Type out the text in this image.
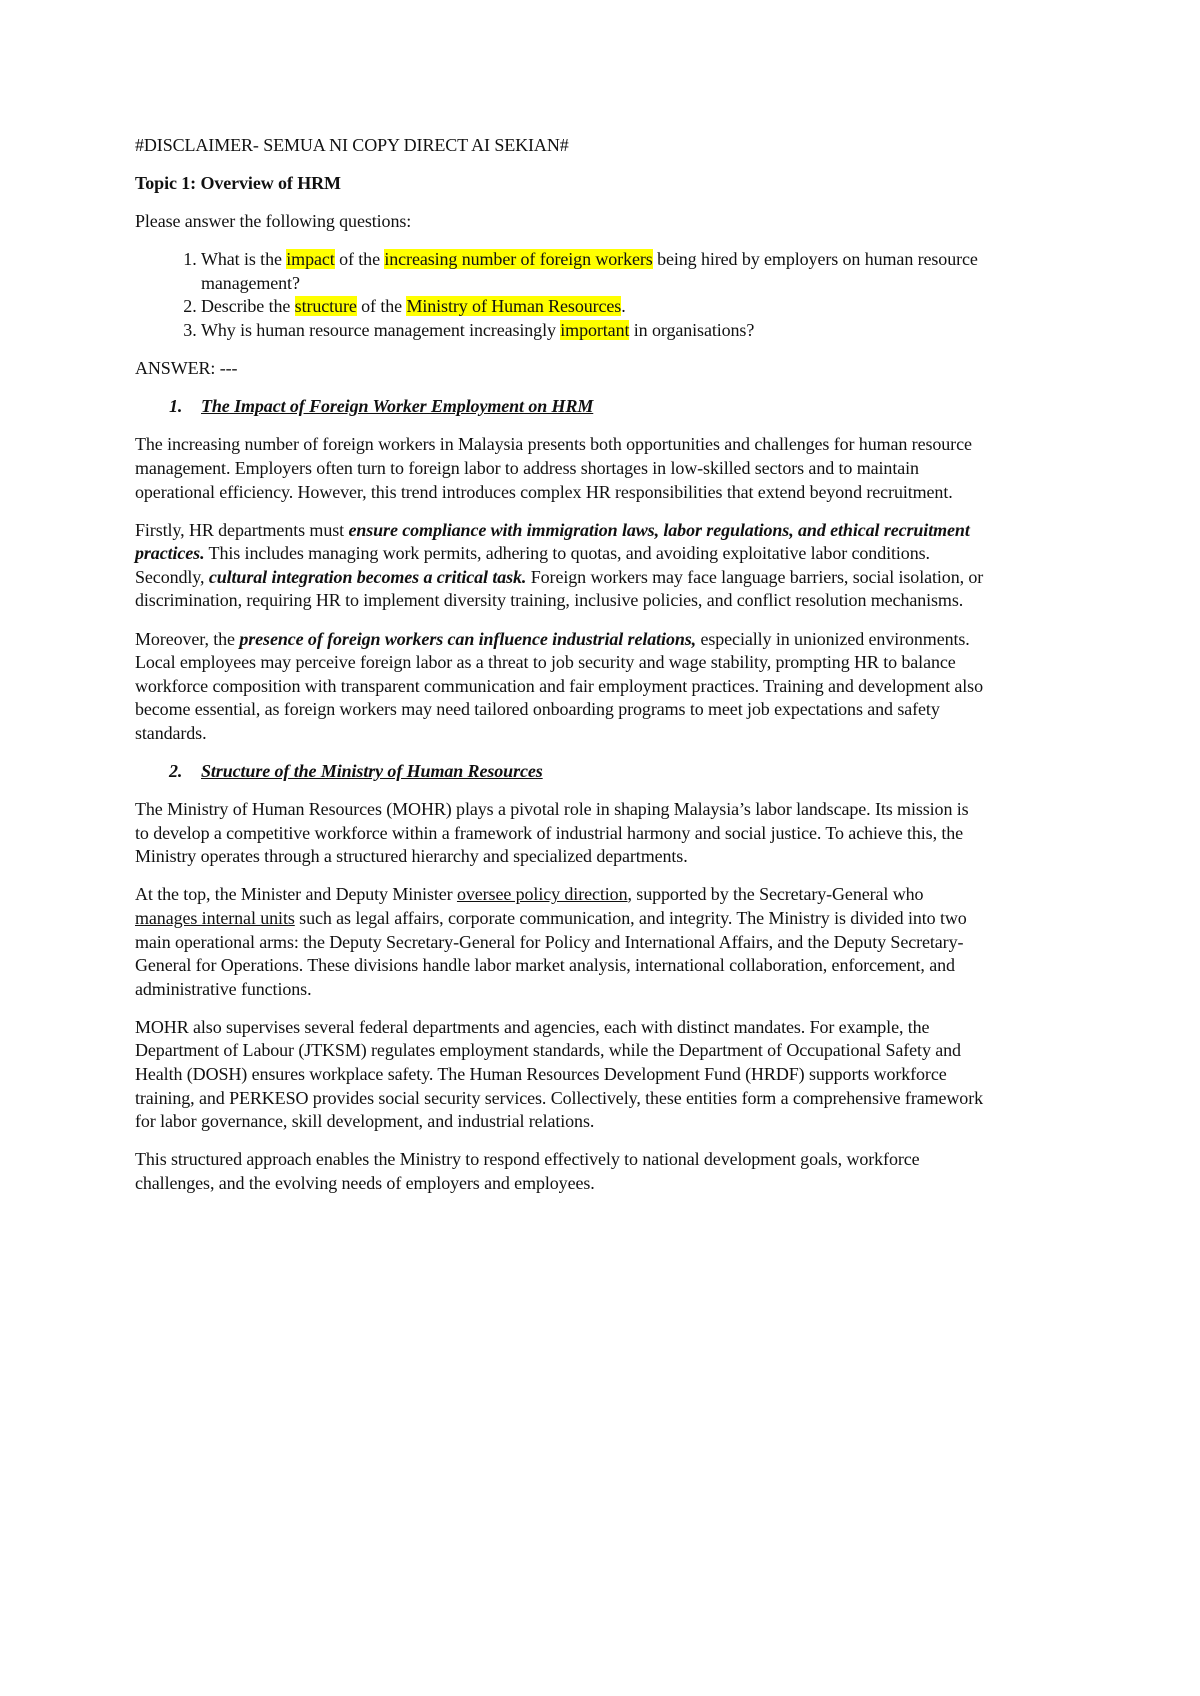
#DISCLAIMER- SEMUA NI COPY DIRECT AI SEKIAN#

Topic 1: Overview of HRM

Please answer the following questions:

1. What is the impact of the increasing number of foreign workers being hired by employers on human resource management?
2. Describe the structure of the Ministry of Human Resources.
3. Why is human resource management increasingly important in organisations?

ANSWER: ---

1.	The Impact of Foreign Worker Employment on HRM

The increasing number of foreign workers in Malaysia presents both opportunities and challenges for human resource management. Employers often turn to foreign labor to address shortages in low-skilled sectors and to maintain operational efficiency. However, this trend introduces complex HR responsibilities that extend beyond recruitment.

Firstly, HR departments must ensure compliance with immigration laws, labor regulations, and ethical recruitment practices. This includes managing work permits, adhering to quotas, and avoiding exploitative labor conditions. Secondly, cultural integration becomes a critical task. Foreign workers may face language barriers, social isolation, or discrimination, requiring HR to implement diversity training, inclusive policies, and conflict resolution mechanisms.

Moreover, the presence of foreign workers can influence industrial relations, especially in unionized environments. Local employees may perceive foreign labor as a threat to job security and wage stability, prompting HR to balance workforce composition with transparent communication and fair employment practices. Training and development also become essential, as foreign workers may need tailored onboarding programs to meet job expectations and safety standards.

2.	Structure of the Ministry of Human Resources

The Ministry of Human Resources (MOHR) plays a pivotal role in shaping Malaysia’s labor landscape. Its mission is to develop a competitive workforce within a framework of industrial harmony and social justice. To achieve this, the Ministry operates through a structured hierarchy and specialized departments.

At the top, the Minister and Deputy Minister oversee policy direction, supported by the Secretary-General who manages internal units such as legal affairs, corporate communication, and integrity. The Ministry is divided into two main operational arms: the Deputy Secretary-General for Policy and International Affairs, and the Deputy Secretary-General for Operations. These divisions handle labor market analysis, international collaboration, enforcement, and administrative functions.

MOHR also supervises several federal departments and agencies, each with distinct mandates. For example, the Department of Labour (JTKSM) regulates employment standards, while the Department of Occupational Safety and Health (DOSH) ensures workplace safety. The Human Resources Development Fund (HRDF) supports workforce training, and PERKESO provides social security services. Collectively, these entities form a comprehensive framework for labor governance, skill development, and industrial relations.

This structured approach enables the Ministry to respond effectively to national development goals, workforce challenges, and the evolving needs of employers and employees.
